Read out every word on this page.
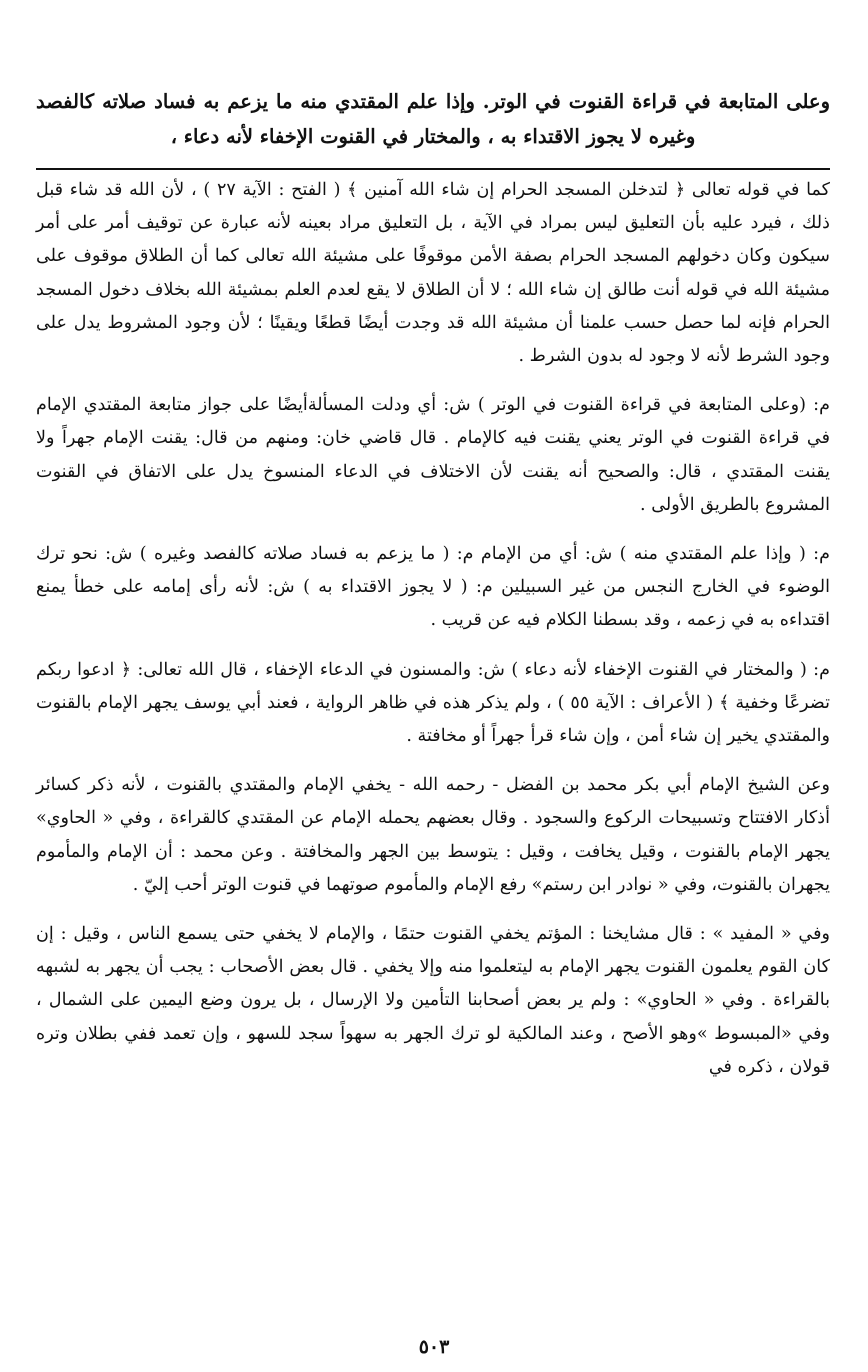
وعلى المتابعة في قراءة القنوت في الوتر. وإذا علم المقتدي منه ما يزعم به فساد صلاته كالفصد وغيره لا يجوز الاقتداء به ، والمختار في القنوت الإخفاء لأنه دعاء ،

كما في قوله تعالى ﴿ لتدخلن المسجد الحرام إن شاء الله آمنين ﴾ ( الفتح : الآية ٢٧ ) ، لأن الله قد شاء قبل ذلك ، فيرد عليه بأن التعليق ليس بمراد في الآية ، بل التعليق مراد بعينه لأنه عبارة عن توقيف أمر على أمر سيكون وكان دخولهم المسجد الحرام بصفة الأمن موقوفًا على مشيئة الله تعالى كما أن الطلاق موقوف على مشيئة الله في قوله أنت طالق إن شاء الله ؛ لا أن الطلاق لا يقع لعدم العلم بمشيئة الله بخلاف دخول المسجد الحرام فإنه لما حصل حسب علمنا أن مشيئة الله قد وجدت أيضًا قطعًا ويقينًا ؛ لأن وجود المشروط يدل على وجود الشرط لأنه لا وجود له بدون الشرط .

م: (وعلى المتابعة في قراءة القنوت في الوتر ) ش: أي ودلت المسألةأيضًا على جواز متابعة المقتدي الإمام في قراءة القنوت في الوتر يعني يقنت فيه كالإمام . قال قاضي خان: ومنهم من قال: يقنت الإمام جهراً ولا يقنت المقتدي ، قال: والصحيح أنه يقنت لأن الاختلاف في الدعاء المنسوخ يدل على الاتفاق في القنوت المشروع بالطريق الأولى .

م: ( وإذا علم المقتدي منه ) ش: أي من الإمام م: ( ما يزعم به فساد صلاته كالفصد وغيره ) ش: نحو ترك الوضوء في الخارج النجس من غير السبيلين م: ( لا يجوز الاقتداء به ) ش: لأنه رأى إمامه على خطأ يمنع اقتداءه به في زعمه ، وقد بسطنا الكلام فيه عن قريب .

م: ( والمختار في القنوت الإخفاء لأنه دعاء ) ش: والمسنون في الدعاء الإخفاء ، قال الله تعالى: ﴿ ادعوا ربكم تضرعًا وخفية ﴾ ( الأعراف : الآية ٥٥ ) ، ولم يذكر هذه في ظاهر الرواية ، فعند أبي يوسف يجهر الإمام بالقنوت والمقتدي يخير إن شاء أمن ، وإن شاء قرأ جهراً أو مخافتة .

وعن الشيخ الإمام أبي بكر محمد بن الفضل - رحمه الله - يخفي الإمام والمقتدي بالقنوت ، لأنه ذكر كسائر أذكار الافتتاح وتسبيحات الركوع والسجود . وقال بعضهم يحمله الإمام عن المقتدي كالقراءة ، وفي « الحاوي» يجهر الإمام بالقنوت ، وقيل يخافت ، وقيل : يتوسط بين الجهر والمخافتة . وعن محمد : أن الإمام والمأموم يجهران بالقنوت، وفي « نوادر ابن رستم» رفع الإمام والمأموم صوتهما في قنوت الوتر أحب إليّ .

وفي « المفيد » : قال مشايخنا : المؤتم يخفي القنوت حتمًا ، والإمام لا يخفي حتى يسمع الناس ، وقيل : إن كان القوم يعلمون القنوت يجهر الإمام به ليتعلموا منه وإلا يخفي . قال بعض الأصحاب : يجب أن يجهر به لشبهه بالقراءة . وفي « الحاوي» : ولم ير بعض أصحابنا التأمين ولا الإرسال ، بل يرون وضع اليمين على الشمال ، وفي «المبسوط »وهو الأصح ، وعند المالكية لو ترك الجهر به سهواً سجد للسهو ، وإن تعمد ففي بطلان وتره قولان ، ذكره في

٥٠٣
